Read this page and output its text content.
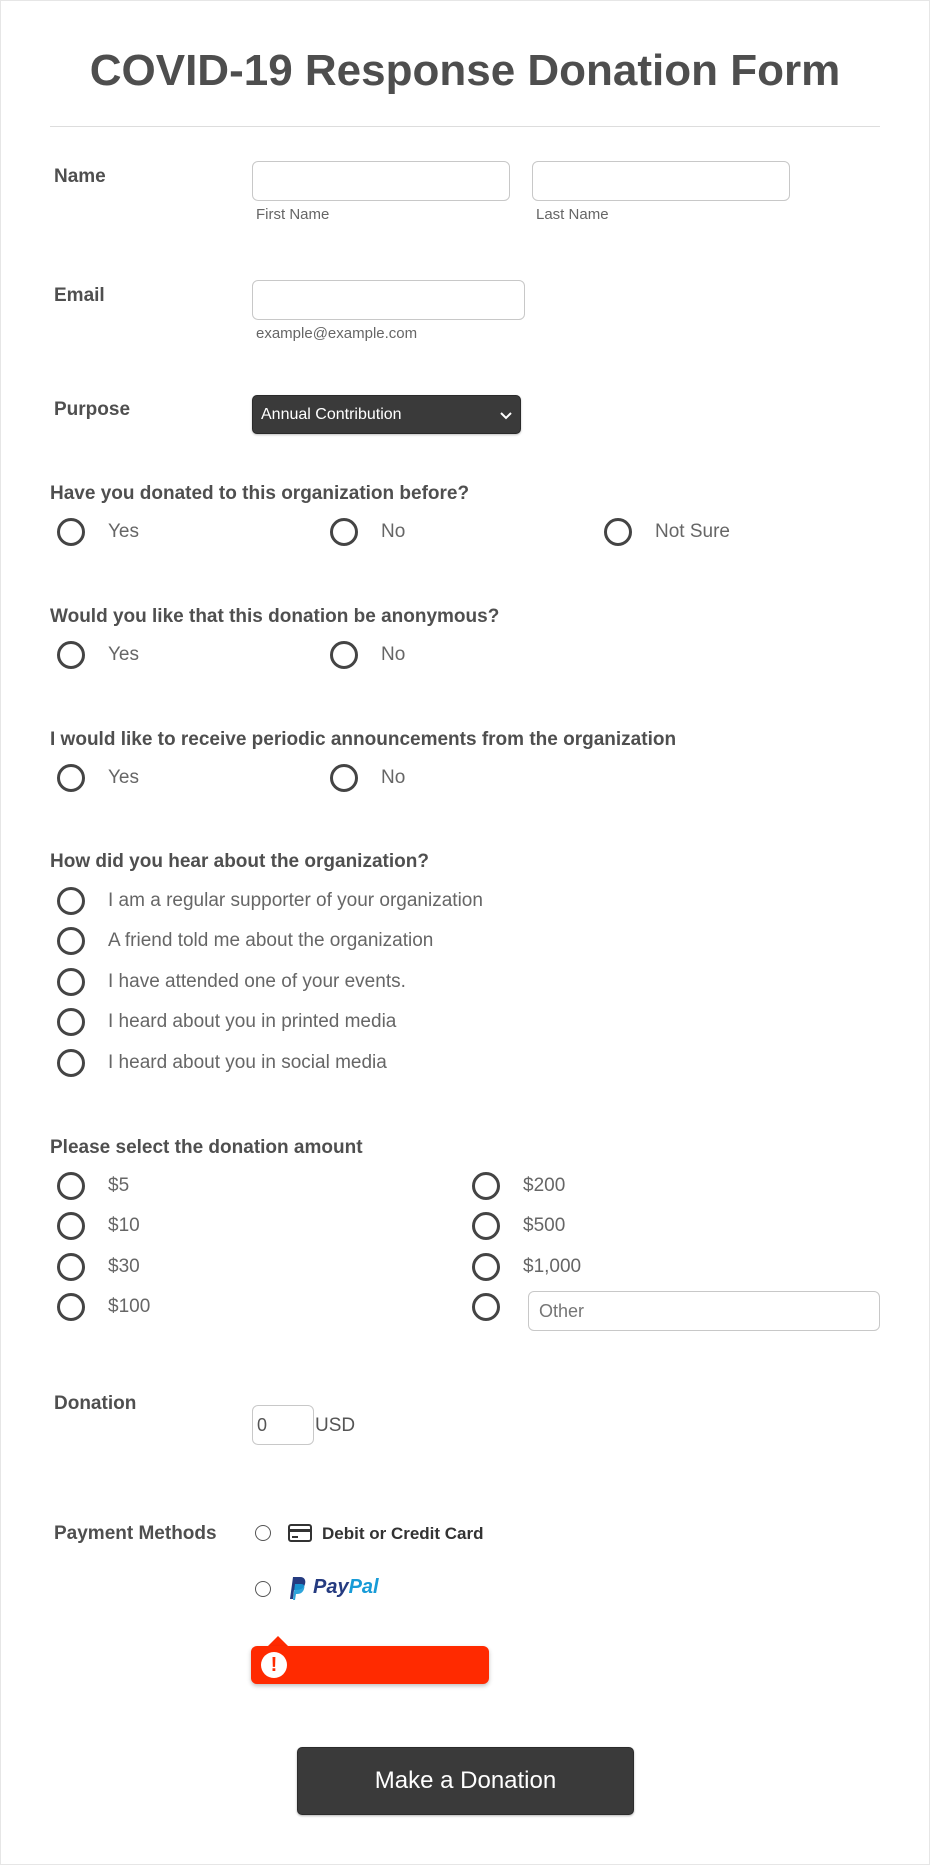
COVID-19 Response Donation Form
Name
First Name	Last Name
Email
example@example.com
Purpose	Annual Contribution
Have you donated to this organization before?
Yes	No	Not Sure
Would you like that this donation be anonymous?
Yes	No
I would like to receive periodic announcements from the organization
Yes	No
How did you hear about the organization?
I am a regular supporter of your organization
A friend told me about the organization
I have attended one of your events.
I heard about you in printed media
I heard about you in social media
Please select the donation amount
$5
$10
$30
$100
$200
$500
$1,000
Other
Donation
0
USD
Payment Methods	Debit or Credit Card
PayPal
!
Make a Donation
